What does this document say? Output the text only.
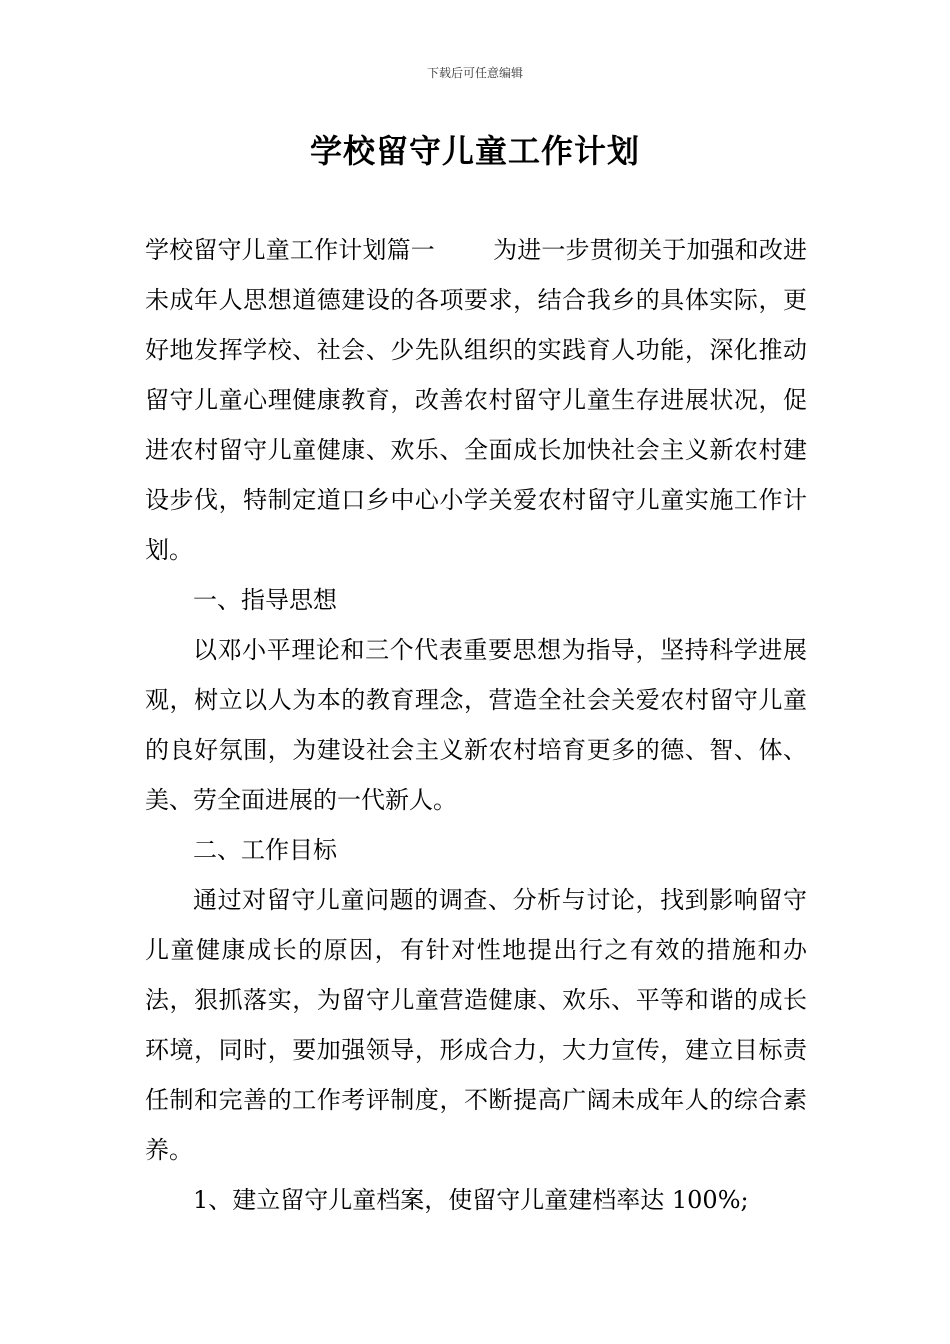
下载后可任意编辑
学校留守儿童工作计划

学校留守儿童工作计划篇一 为进一步贯彻关于加强和改进未成年人思想道德建设的各项要求，结合我乡的具体实际，更好地发挥学校、社会、少先队组织的实践育人功能，深化推动留守儿童心理健康教育，改善农村留守儿童生存进展状况，促进农村留守儿童健康、欢乐、全面成长加快社会主义新农村建设步伐，特制定道口乡中心小学关爱农村留守儿童实施工作计划。

一、指导思想

以邓小平理论和三个代表重要思想为指导，坚持科学进展观，树立以人为本的教育理念，营造全社会关爱农村留守儿童的良好氛围，为建设社会主义新农村培育更多的德、智、体、美、劳全面进展的一代新人。

二、工作目标

通过对留守儿童问题的调查、分析与讨论，找到影响留守儿童健康成长的原因，有针对性地提出行之有效的措施和办法，狠抓落实，为留守儿童营造健康、欢乐、平等和谐的成长环境，同时，要加强领导，形成合力，大力宣传，建立目标责任制和完善的工作考评制度，不断提高广阔未成年人的综合素养。

1、建立留守儿童档案，使留守儿童建档率达 100%;
